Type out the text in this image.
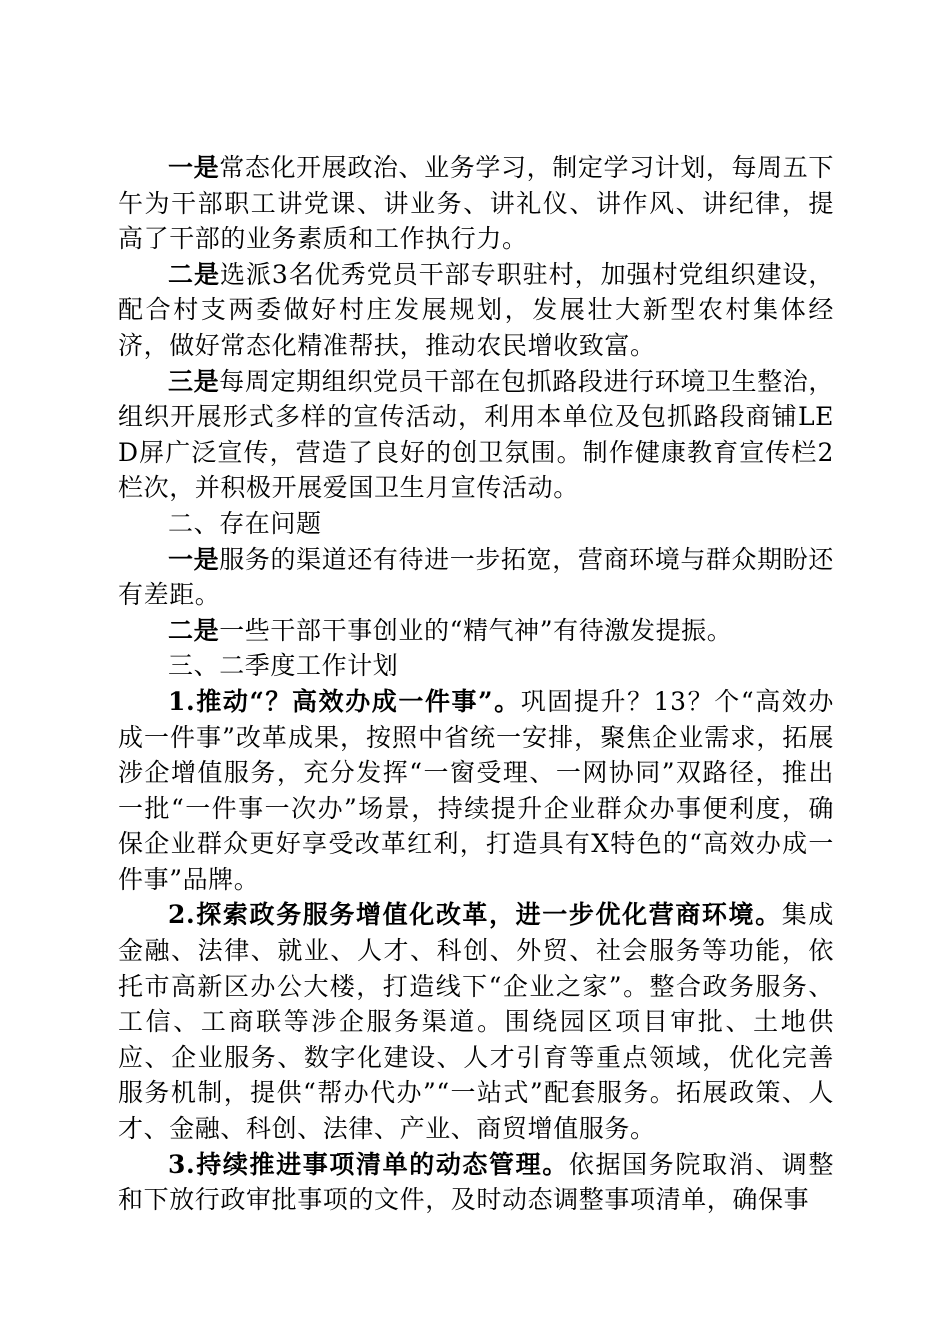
一是常态化开展政治、业务学习，制定学习计划，每周五下午为干部职工讲党课、讲业务、讲礼仪、讲作风、讲纪律，提高了干部的业务素质和工作执行力。

二是选派3名优秀党员干部专职驻村，加强村党组织建设，配合村支两委做好村庄发展规划，发展壮大新型农村集体经济，做好常态化精准帮扶，推动农民增收致富。

三是每周定期组织党员干部在包抓路段进行环境卫生整治，组织开展形式多样的宣传活动，利用本单位及包抓路段商铺LED屏广泛宣传，营造了良好的创卫氛围。制作健康教育宣传栏2栏次，并积极开展爱国卫生月宣传活动。

二、存在问题

一是服务的渠道还有待进一步拓宽，营商环境与群众期盼还有差距。

二是一些干部干事创业的“精气神”有待激发提振。

三、二季度工作计划

1.推动“？高效办成一件事”。巩固提升？13？个“高效办成一件事”改革成果，按照中省统一安排，聚焦企业需求，拓展涉企增值服务，充分发挥“一窗受理、一网协同”双路径，推出一批“一件事一次办”场景，持续提升企业群众办事便利度，确保企业群众更好享受改革红利，打造具有X特色的“高效办成一件事”品牌。

2.探索政务服务增值化改革，进一步优化营商环境。集成金融、法律、就业、人才、科创、外贸、社会服务等功能，依托市高新区办公大楼，打造线下“企业之家”。整合政务服务、工信、工商联等涉企服务渠道。围绕园区项目审批、土地供应、企业服务、数字化建设、人才引育等重点领域，优化完善服务机制，提供“帮办代办”“一站式”配套服务。拓展政策、人才、金融、科创、法律、产业、商贸增值服务。

3.持续推进事项清单的动态管理。依据国务院取消、调整和下放行政审批事项的文件，及时动态调整事项清单，确保事
